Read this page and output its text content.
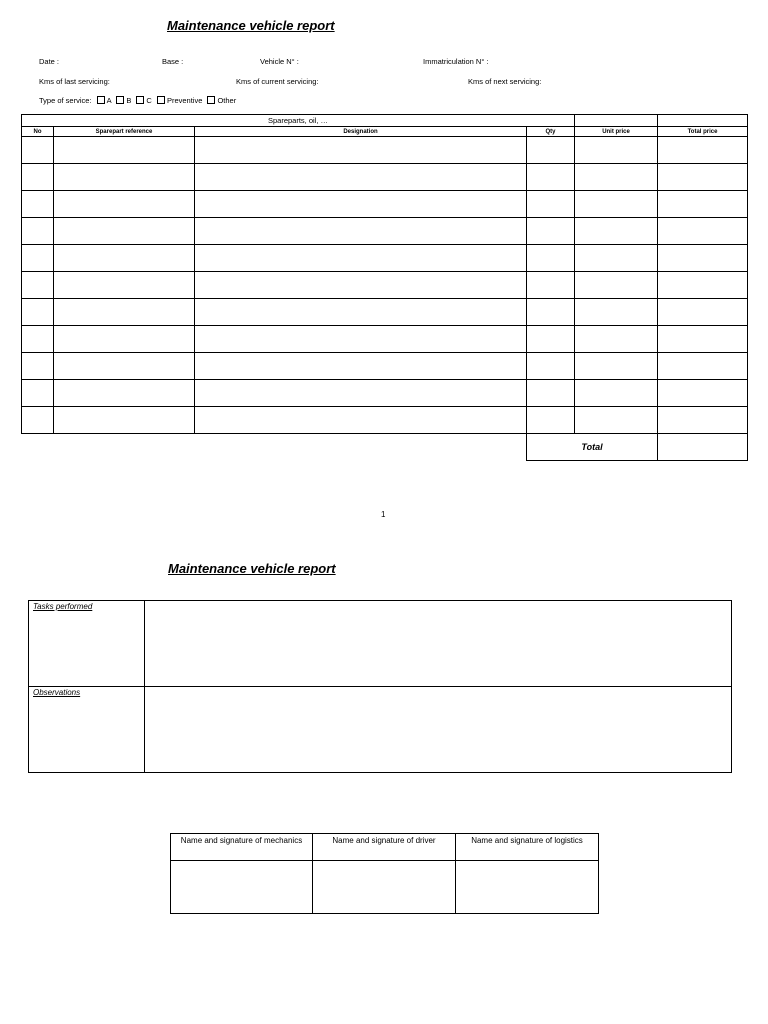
Maintenance vehicle report
Date :	Base :	Vehicle N° :	Immatriculation N° :
Kms of last servicing:	Kms of current servicing:	Kms of next servicing:
Type of service: A B C Preventive Other
Spareparts, oil, …					
No	Sparepart reference	Designation	Qty	Unit price	Total price

			Total		
1
Maintenance vehicle report
Tasks performed	
Observations	
Name and signature of mechanics	Name and signature of driver	Name and signature of logistics
